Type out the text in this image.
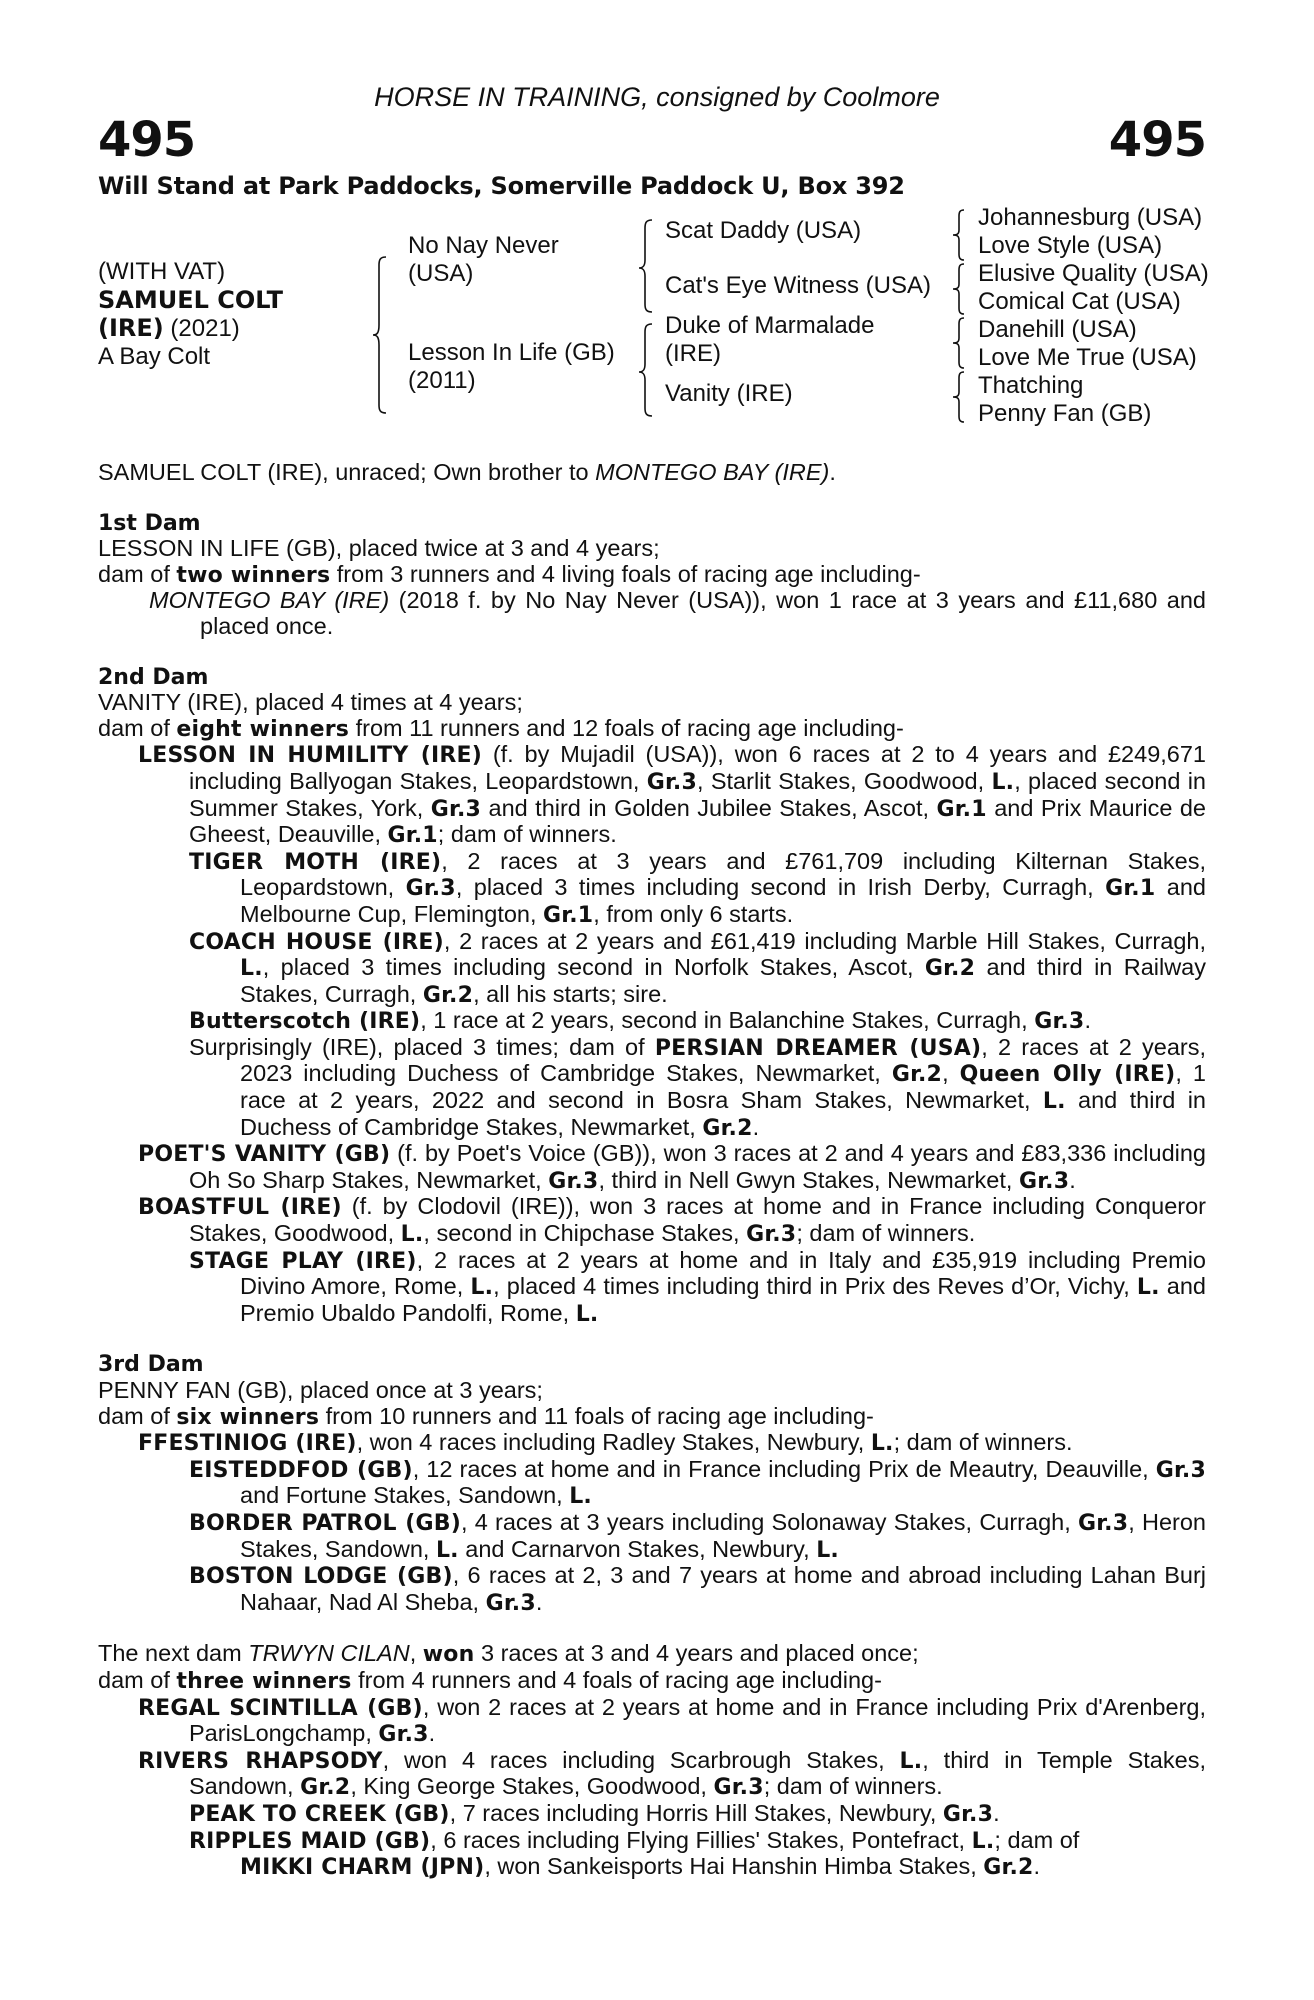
HORSE IN TRAINING, consigned by Coolmore
495	495
Will Stand at Park Paddocks, Somerville Paddock U, Box 392
(WITH VAT)
SAMUEL COLT
(IRE) (2021)
A Bay Colt
No Nay Never
(USA)
Lesson In Life (GB)
(2011)
Scat Daddy (USA)
Cat's Eye Witness (USA)
Duke of Marmalade
(IRE)
Vanity (IRE)
Johannesburg (USA)
Love Style (USA)
Elusive Quality (USA)
Comical Cat (USA)
Danehill (USA)
Love Me True (USA)
Thatching
Penny Fan (GB)

SAMUEL COLT (IRE), unraced; Own brother to MONTEGO BAY (IRE).

1st Dam

LESSON IN LIFE (GB), placed twice at 3 and 4 years;

dam of two winners from 3 runners and 4 living foals of racing age including-

MONTEGO BAY (IRE) (2018 f. by No Nay Never (USA)), won 1 race at 3 years and £11,680 and placed once.

2nd Dam

VANITY (IRE), placed 4 times at 4 years;

dam of eight winners from 11 runners and 12 foals of racing age including-

LESSON IN HUMILITY (IRE) (f. by Mujadil (USA)), won 6 races at 2 to 4 years and £249,671 including Ballyogan Stakes, Leopardstown, Gr.3, Starlit Stakes, Goodwood, L., placed second in Summer Stakes, York, Gr.3 and third in Golden Jubilee Stakes, Ascot, Gr.1 and Prix Maurice de Gheest, Deauville, Gr.1; dam of winners.

TIGER MOTH (IRE), 2 races at 3 years and £761,709 including Kilternan Stakes, Leopardstown, Gr.3, placed 3 times including second in Irish Derby, Curragh, Gr.1 and Melbourne Cup, Flemington, Gr.1, from only 6 starts.

COACH HOUSE (IRE), 2 races at 2 years and £61,419 including Marble Hill Stakes, Curragh, L., placed 3 times including second in Norfolk Stakes, Ascot, Gr.2 and third in Railway Stakes, Curragh, Gr.2, all his starts; sire.

Butterscotch (IRE), 1 race at 2 years, second in Balanchine Stakes, Curragh, Gr.3.

Surprisingly (IRE), placed 3 times; dam of PERSIAN DREAMER (USA), 2 races at 2 years, 2023 including Duchess of Cambridge Stakes, Newmarket, Gr.2, Queen Olly (IRE), 1 race at 2 years, 2022 and second in Bosra Sham Stakes, Newmarket, L. and third in Duchess of Cambridge Stakes, Newmarket, Gr.2.

POET'S VANITY (GB) (f. by Poet's Voice (GB)), won 3 races at 2 and 4 years and £83,336 including Oh So Sharp Stakes, Newmarket, Gr.3, third in Nell Gwyn Stakes, Newmarket, Gr.3.

BOASTFUL (IRE) (f. by Clodovil (IRE)), won 3 races at home and in France including Conqueror Stakes, Goodwood, L., second in Chipchase Stakes, Gr.3; dam of winners.

STAGE PLAY (IRE), 2 races at 2 years at home and in Italy and £35,919 including Premio Divino Amore, Rome, L., placed 4 times including third in Prix des Reves d’Or, Vichy, L. and Premio Ubaldo Pandolfi, Rome, L.

3rd Dam

PENNY FAN (GB), placed once at 3 years;

dam of six winners from 10 runners and 11 foals of racing age including-

FFESTINIOG (IRE), won 4 races including Radley Stakes, Newbury, L.; dam of winners.

EISTEDDFOD (GB), 12 races at home and in France including Prix de Meautry, Deauville, Gr.3 and Fortune Stakes, Sandown, L.

BORDER PATROL (GB), 4 races at 3 years including Solonaway Stakes, Curragh, Gr.3, Heron Stakes, Sandown, L. and Carnarvon Stakes, Newbury, L.

BOSTON LODGE (GB), 6 races at 2, 3 and 7 years at home and abroad including Lahan Burj Nahaar, Nad Al Sheba, Gr.3.

The next dam TRWYN CILAN, won 3 races at 3 and 4 years and placed once;

dam of three winners from 4 runners and 4 foals of racing age including-

REGAL SCINTILLA (GB), won 2 races at 2 years at home and in France including Prix d'Arenberg, ParisLongchamp, Gr.3.

RIVERS RHAPSODY, won 4 races including Scarbrough Stakes, L., third in Temple Stakes, Sandown, Gr.2, King George Stakes, Goodwood, Gr.3; dam of winners.

PEAK TO CREEK (GB), 7 races including Horris Hill Stakes, Newbury, Gr.3.

RIPPLES MAID (GB), 6 races including Flying Fillies' Stakes, Pontefract, L.; dam of

MIKKI CHARM (JPN), won Sankeisports Hai Hanshin Himba Stakes, Gr.2.
